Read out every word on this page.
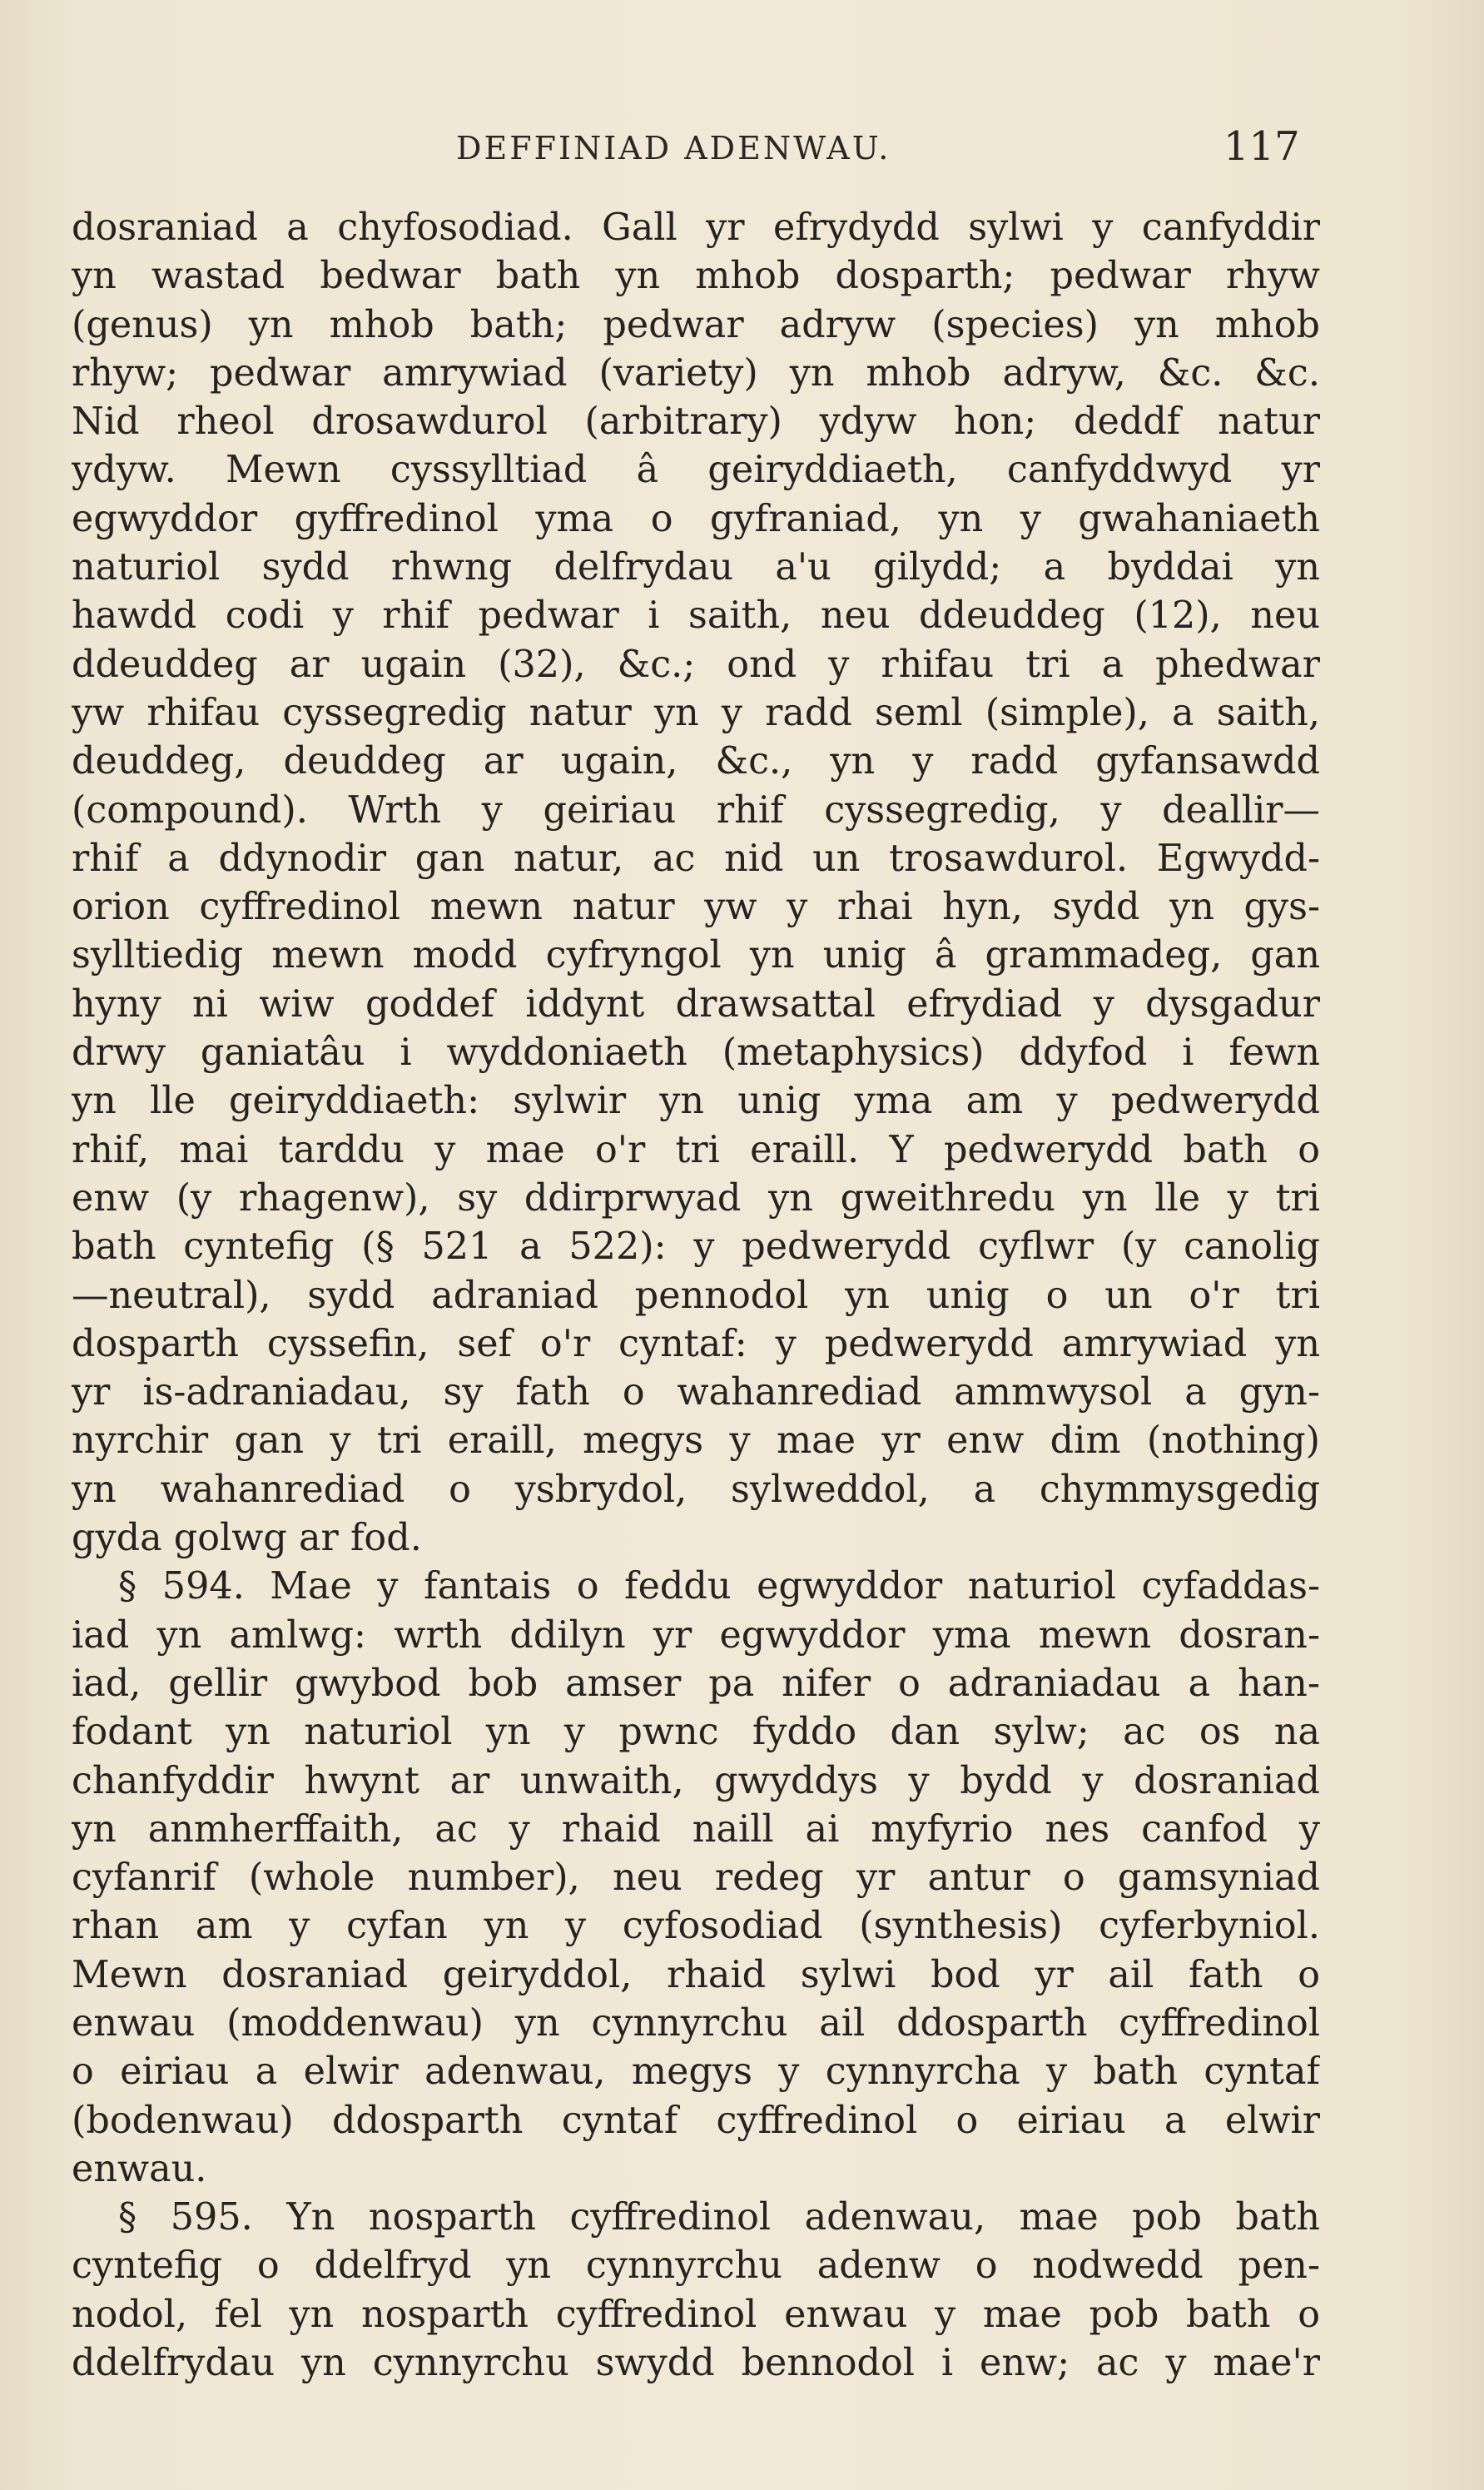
DEFFINIAD ADENWAU.	117
dosraniad a chyfosodiad. Gall yr efrydydd sylwi y canfyddir
yn wastad bedwar bath yn mhob dosparth; pedwar rhyw
(genus) yn mhob bath; pedwar adryw (species) yn mhob
rhyw; pedwar amrywiad (variety) yn mhob adryw, &c. &c.
Nid rheol drosawdurol (arbitrary) ydyw hon; deddf natur
ydyw. Mewn cyssylltiad â geiryddiaeth, canfyddwyd yr
egwyddor gyffredinol yma o gyfraniad, yn y gwahaniaeth
naturiol sydd rhwng delfrydau a'u gilydd; a byddai yn
hawdd codi y rhif pedwar i saith, neu ddeuddeg (12), neu
ddeuddeg ar ugain (32), &c.; ond y rhifau tri a phedwar
yw rhifau cyssegredig natur yn y radd seml (simple), a saith,
deuddeg, deuddeg ar ugain, &c., yn y radd gyfansawdd
(compound). Wrth y geiriau rhif cyssegredig, y deallir—
rhif a ddynodir gan natur, ac nid un trosawdurol. Egwydd-
orion cyffredinol mewn natur yw y rhai hyn, sydd yn gys-
sylltiedig mewn modd cyfryngol yn unig â grammadeg, gan
hyny ni wiw goddef iddynt drawsattal efrydiad y dysgadur
drwy ganiatâu i wyddoniaeth (metaphysics) ddyfod i fewn
yn lle geiryddiaeth: sylwir yn unig yma am y pedwerydd
rhif, mai tarddu y mae o'r tri eraill. Y pedwerydd bath o
enw (y rhagenw), sy ddirprwyad yn gweithredu yn lle y tri
bath cyntefig (§ 521 a 522): y pedwerydd cyflwr (y canolig
—neutral), sydd adraniad pennodol yn unig o un o'r tri
dosparth cyssefin, sef o'r cyntaf: y pedwerydd amrywiad yn
yr is-adraniadau, sy fath o wahanrediad ammwysol a gyn-
nyrchir gan y tri eraill, megys y mae yr enw dim (nothing)
yn wahanrediad o ysbrydol, sylweddol, a chymmysgedig
gyda golwg ar fod.
§ 594. Mae y fantais o feddu egwyddor naturiol cyfaddas-
iad yn amlwg: wrth ddilyn yr egwyddor yma mewn dosran-
iad, gellir gwybod bob amser pa nifer o adraniadau a han-
fodant yn naturiol yn y pwnc fyddo dan sylw; ac os na
chanfyddir hwynt ar unwaith, gwyddys y bydd y dosraniad
yn anmherffaith, ac y rhaid naill ai myfyrio nes canfod y
cyfanrif (whole number), neu redeg yr antur o gamsyniad
rhan am y cyfan yn y cyfosodiad (synthesis) cyferbyniol.
Mewn dosraniad geiryddol, rhaid sylwi bod yr ail fath o
enwau (moddenwau) yn cynnyrchu ail ddosparth cyffredinol
o eiriau a elwir adenwau, megys y cynnyrcha y bath cyntaf
(bodenwau) ddosparth cyntaf cyffredinol o eiriau a elwir
enwau.
§ 595. Yn nosparth cyffredinol adenwau, mae pob bath
cyntefig o ddelfryd yn cynnyrchu adenw o nodwedd pen-
nodol, fel yn nosparth cyffredinol enwau y mae pob bath o
ddelfrydau yn cynnyrchu swydd bennodol i enw; ac y mae'r
